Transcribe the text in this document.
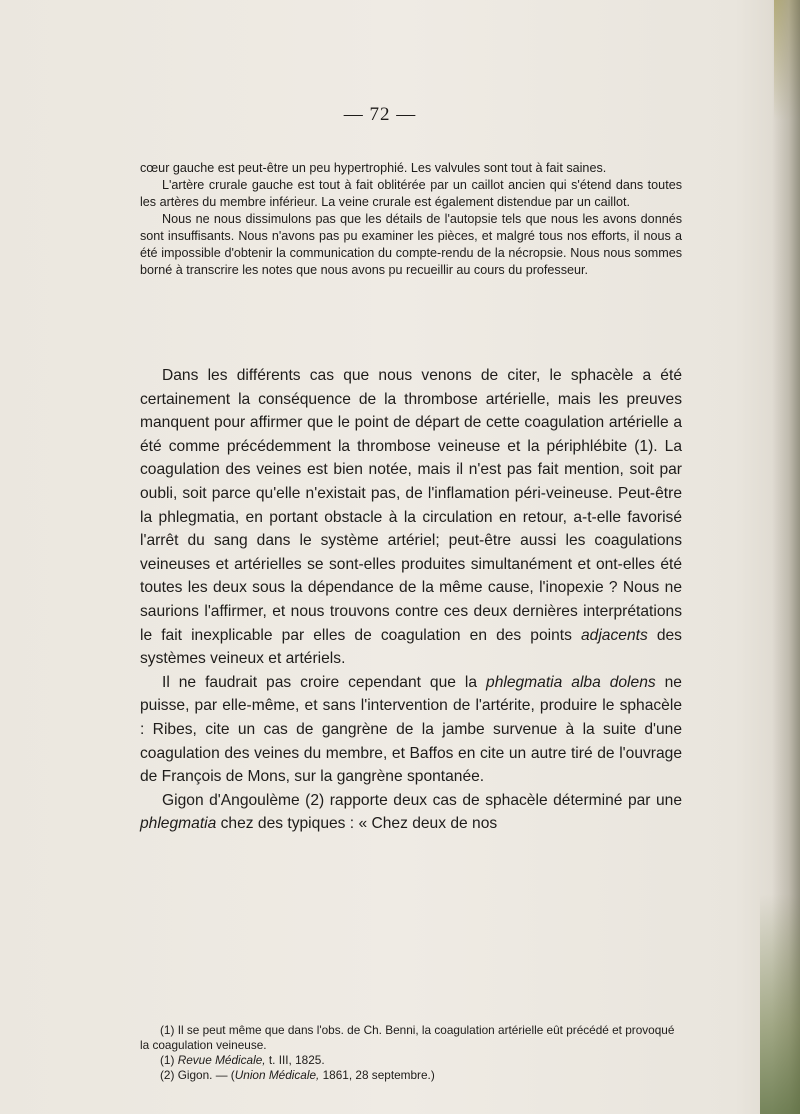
— 72 —

cœur gauche est peut-être un peu hypertrophié. Les valvules sont tout à fait saines.

L'artère crurale gauche est tout à fait oblitérée par un caillot ancien qui s'étend dans toutes les artères du membre inférieur. La veine crurale est également distendue par un caillot.

Nous ne nous dissimulons pas que les détails de l'autopsie tels que nous les avons donnés sont insuffisants. Nous n'avons pas pu examiner les pièces, et malgré tous nos efforts, il nous a été impossible d'obtenir la communication du compte-rendu de la nécropsie. Nous nous sommes borné à transcrire les notes que nous avons pu recueillir au cours du professeur.

Dans les différents cas que nous venons de citer, le sphacèle a été certainement la conséquence de la thrombose artérielle, mais les preuves manquent pour affirmer que le point de départ de cette coagulation artérielle a été comme précédemment la thrombose veineuse et la périphlébite (1). La coagulation des veines est bien notée, mais il n'est pas fait mention, soit par oubli, soit parce qu'elle n'existait pas, de l'inflamation péri-veineuse. Peut-être la phlegmatia, en portant obstacle à la circulation en retour, a-t-elle favorisé l'arrêt du sang dans le système artériel; peut-être aussi les coagulations veineuses et artérielles se sont-elles produites simultanément et ont-elles été toutes les deux sous la dépendance de la même cause, l'inopexie ? Nous ne saurions l'affirmer, et nous trouvons contre ces deux dernières interprétations le fait inexplicable par elles de coagulation en des points adjacents des systèmes veineux et artériels.

Il ne faudrait pas croire cependant que la phlegmatia alba dolens ne puisse, par elle-même, et sans l'intervention de l'artérite, produire le sphacèle : Ribes, cite un cas de gangrène de la jambe survenue à la suite d'une coagulation des veines du membre, et Baffos en cite un autre tiré de l'ouvrage de François de Mons, sur la gangrène spontanée.

Gigon d'Angoulème (2) rapporte deux cas de sphacèle déterminé par une phlegmatia chez des typiques : « Chez deux de nos

(1) Il se peut même que dans l'obs. de Ch. Benni, la coagulation artérielle eût précédé et provoqué la coagulation veineuse.

(1) Revue Médicale, t. III, 1825.

(2) Gigon. — (Union Médicale, 1861, 28 septembre.)
